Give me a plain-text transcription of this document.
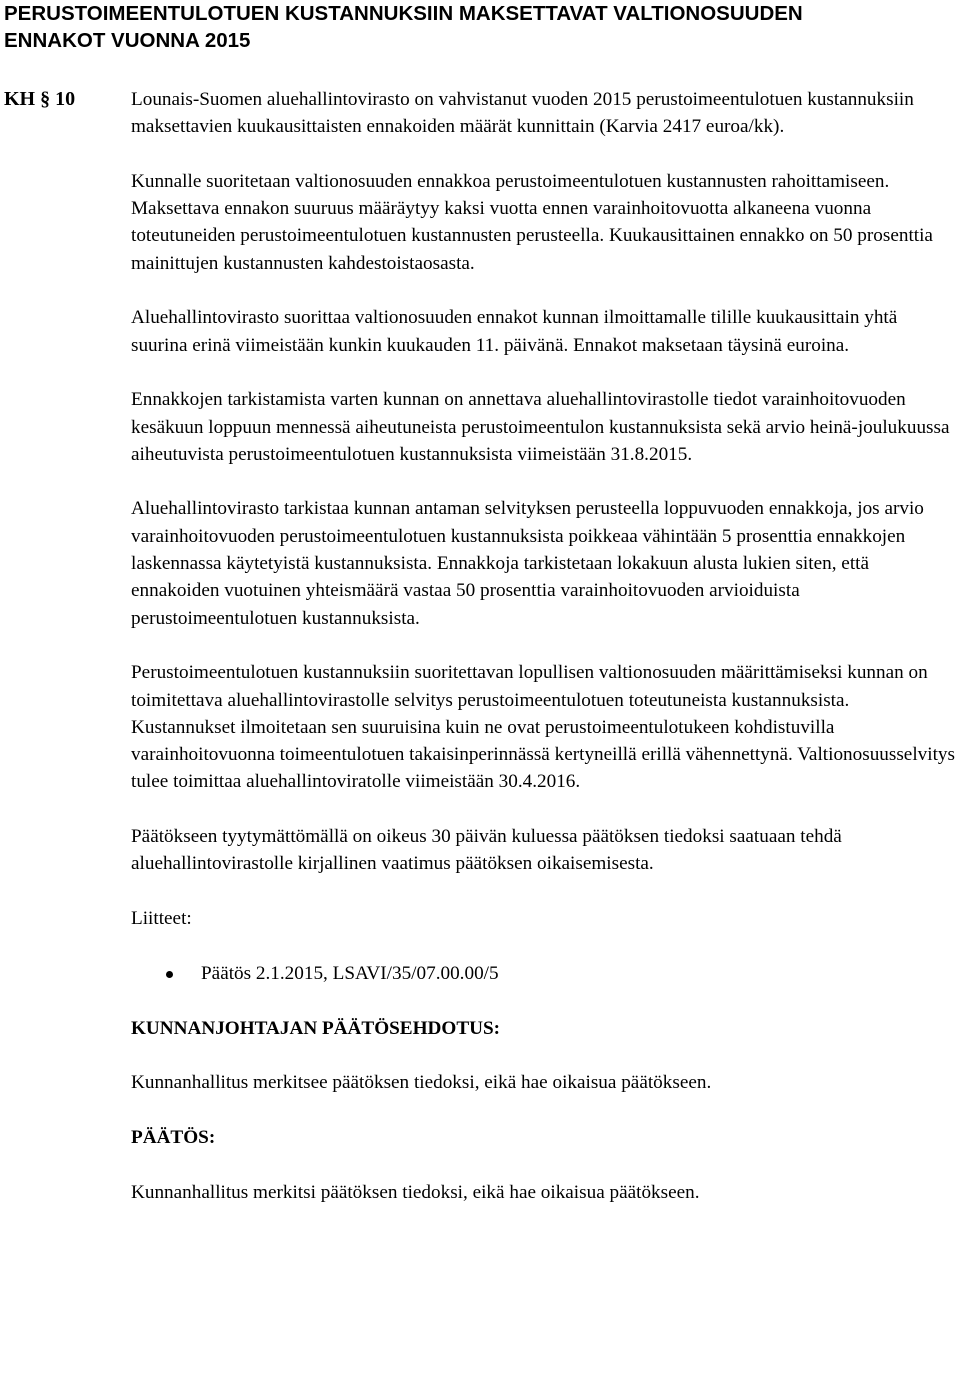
PERUSTOIMEENTULOTUEN KUSTANNUKSIIN MAKSETTAVAT VALTIONOSUUDEN
ENNAKOT VUONNA 2015
KH § 10	Lounais-Suomen aluehallintovirasto on vahvistanut vuoden 2015 perustoimeentulotuen kustannuksiin maksettavien kuukausittaisten ennakoiden määrät kunnittain (Karvia 2417 euroa/kk).

Kunnalle suoritetaan valtionosuuden ennakkoa perustoimeentulotuen kustannusten rahoittamiseen. Maksettava ennakon suuruus määräytyy kaksi vuotta ennen varainhoitovuotta alkaneena vuonna toteutuneiden perustoimeentulotuen kustannusten perusteella. Kuukausittainen ennakko on 50 prosenttia mainittujen kustannusten kahdestoistaosasta.

Aluehallintovirasto suorittaa valtionosuuden ennakot kunnan ilmoittamalle tilille kuukausittain yhtä suurina erinä viimeistään kunkin kuukauden 11. päivänä. Ennakot maksetaan täysinä euroina.

Ennakkojen tarkistamista varten kunnan on annettava aluehallintovirastolle tiedot varainhoitovuoden kesäkuun loppuun mennessä aiheutuneista perustoimeentulon kustannuksista sekä arvio heinä-joulukuussa aiheutuvista perustoimeentulotuen kustannuksista viimeistään 31.8.2015.

Aluehallintovirasto tarkistaa kunnan antaman selvityksen perusteella loppuvuoden ennakkoja, jos arvio varainhoitovuoden perustoimeentulotuen kustannuksista poikkeaa vähintään 5 prosenttia ennakkojen laskennassa käytetyistä kustannuksista. Ennakkoja tarkistetaan lokakuun alusta lukien siten, että ennakoiden vuotuinen yhteismäärä vastaa 50 prosenttia varainhoitovuoden arvioiduista perustoimeentulotuen kustannuksista.

Perustoimeentulotuen kustannuksiin suoritettavan lopullisen valtionosuuden määrittämiseksi kunnan on toimitettava aluehallintovirastolle selvitys perustoimeentulotuen toteutuneista kustannuksista. Kustannukset ilmoitetaan sen suuruisina kuin ne ovat perustoimeentulotukeen kohdistuvilla varainhoitovuonna toimeentulotuen takaisinperinnässä kertyneillä erillä vähennettynä. Valtionosuusselvitys tulee toimittaa aluehallintoviratolle viimeistään 30.4.2016.

Päätökseen tyytymättömällä on oikeus 30 päivän kuluessa päätöksen tiedoksi saatuaan tehdä aluehallintovirastolle kirjallinen vaatimus päätöksen oikaisemisesta.

Liitteet:

Päätös 2.1.2015, LSAVI/35/07.00.00/5

KUNNANJOHTAJAN PÄÄTÖSEHDOTUS:

Kunnanhallitus merkitsee päätöksen tiedoksi, eikä hae oikaisua päätökseen.

PÄÄTÖS:

Kunnanhallitus merkitsi päätöksen tiedoksi, eikä hae oikaisua päätökseen.
